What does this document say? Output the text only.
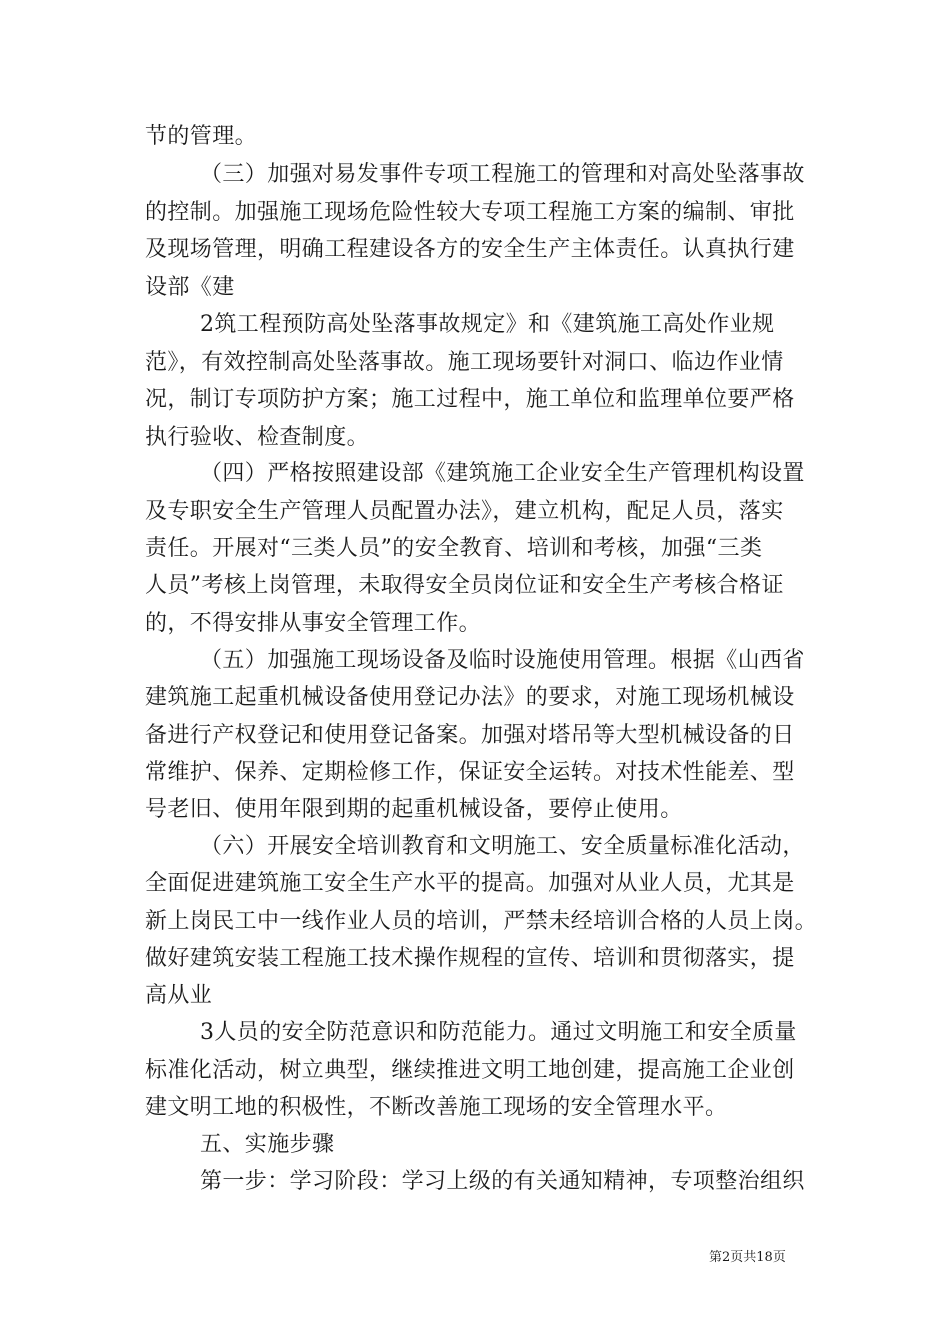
节的管理。
（三）加强对易发事件专项工程施工的管理和对高处坠落事故
的控制。加强施工现场危险性较大专项工程施工方案的编制、审批
及现场管理，明确工程建设各方的安全生产主体责任。认真执行建
设部《建
2筑工程预防高处坠落事故规定》和《建筑施工高处作业规
范》，有效控制高处坠落事故。施工现场要针对洞口、临边作业情
况，制订专项防护方案；施工过程中，施工单位和监理单位要严格
执行验收、检查制度。
（四）严格按照建设部《建筑施工企业安全生产管理机构设置
及专职安全生产管理人员配置办法》，建立机构，配足人员，落实
责任。开展对“三类人员”的安全教育、培训和考核，加强“三类
人员”考核上岗管理，未取得安全员岗位证和安全生产考核合格证
的，不得安排从事安全管理工作。
（五）加强施工现场设备及临时设施使用管理。根据《山西省
建筑施工起重机械设备使用登记办法》的要求，对施工现场机械设
备进行产权登记和使用登记备案。加强对塔吊等大型机械设备的日
常维护、保养、定期检修工作，保证安全运转。对技术性能差、型
号老旧、使用年限到期的起重机械设备，要停止使用。
（六）开展安全培训教育和文明施工、安全质量标准化活动，
全面促进建筑施工安全生产水平的提高。加强对从业人员，尤其是
新上岗民工中一线作业人员的培训，严禁未经培训合格的人员上岗。
做好建筑安装工程施工技术操作规程的宣传、培训和贯彻落实，提
高从业
3人员的安全防范意识和防范能力。通过文明施工和安全质量
标准化活动，树立典型，继续推进文明工地创建，提高施工企业创
建文明工地的积极性，不断改善施工现场的安全管理水平。
五、实施步骤
第一步：学习阶段：学习上级的有关通知精神，专项整治组织
第2页共18页
